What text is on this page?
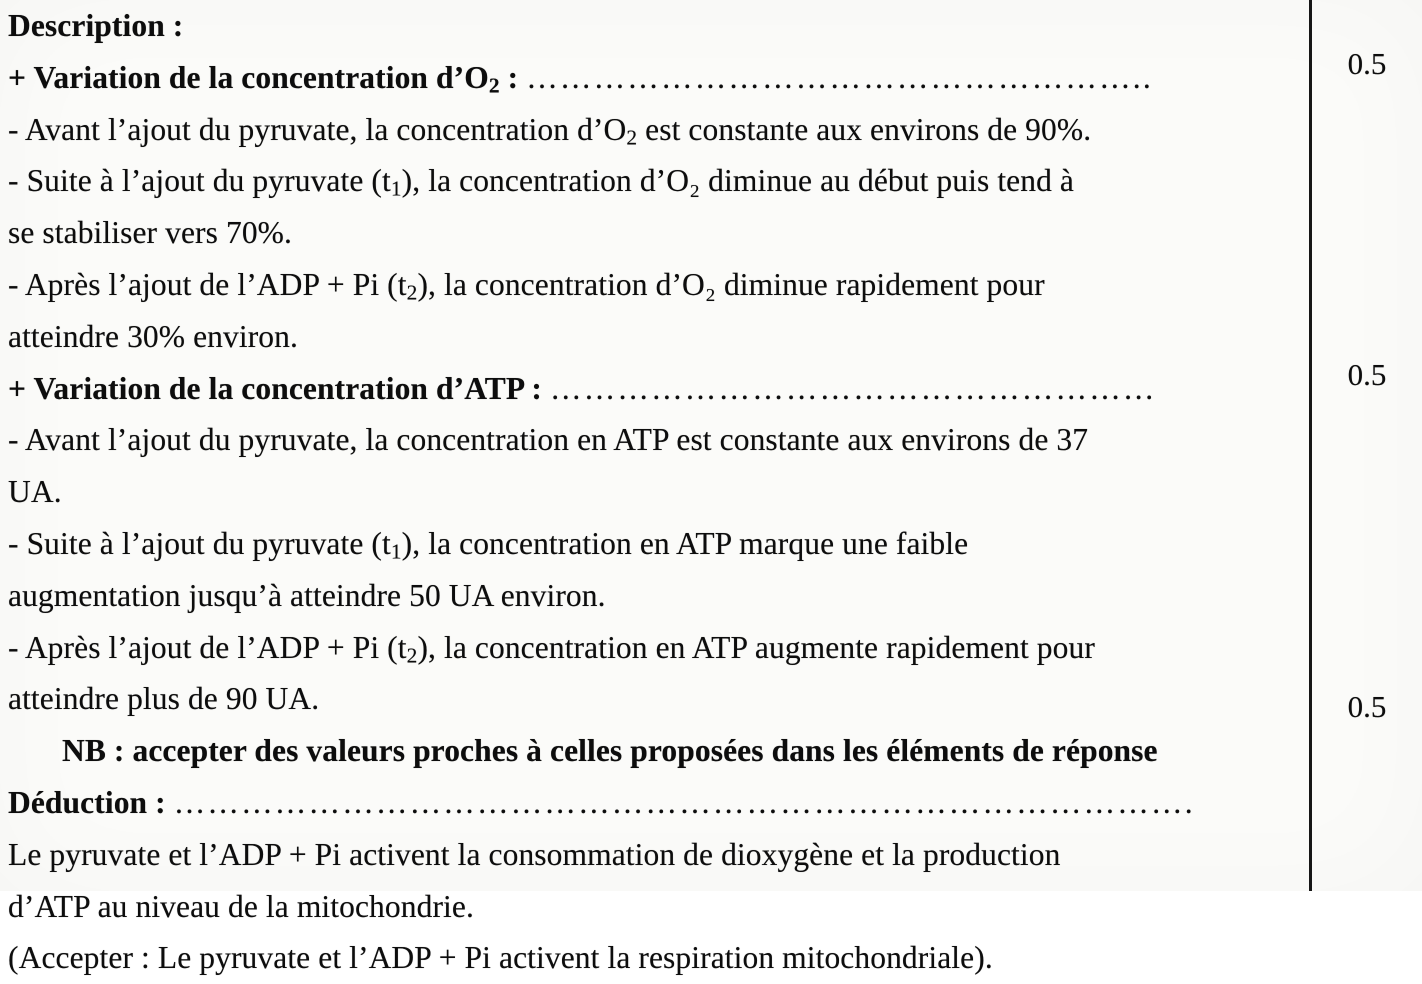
Description :
+ Variation de la concentration $d’O_2$ : ………………………………………………..
- Avant l’ajout du pyruvate, la concentration $d’O_2$ est constante aux environs de 90%.
- Suite à l’ajout du pyruvate $(t_1)$, la concentration d’O₂ diminue au début puis tend à
se stabiliser vers 70%.
- Après l’ajout de l’ADP + Pi $(t_2)$, la concentration d’O₂ diminue rapidement pour
atteindre 30% environ.
+ Variation de la concentration d’ATP : ………………………………………………
- Avant l’ajout du pyruvate, la concentration en ATP est constante aux environs de 37
UA.
- Suite à l’ajout du pyruvate $(t_1)$, la concentration en ATP marque une faible
augmentation jusqu’à atteindre 50 UA environ.
- Après l’ajout de l’ADP + Pi $(t_2)$, la concentration en ATP augmente rapidement pour
atteindre plus de 90 UA.
NB : accepter des valeurs proches à celles proposées dans les éléments de réponse
Déduction : ……………………………………………………………………………….
Le pyruvate et l’ADP + Pi activent la consommation de dioxygène et la production
d’ATP au niveau de la mitochondrie.
(Accepter : Le pyruvate et l’ADP + Pi activent la respiration mitochondriale).
0.5
0.5
0.5
